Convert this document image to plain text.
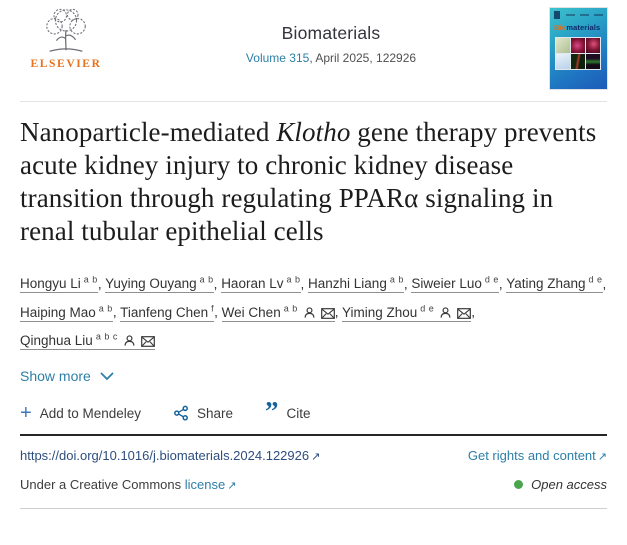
ELSEVIER
Biomaterials
Volume 315, April 2025, 122926
Biomaterials
Nanoparticle-mediated Klotho gene therapy prevents acute kidney injury to chronic kidney disease transition through regulating PPARα signaling in renal tubular epithelial cells
Hongyu Li $^{a b}$, Yuying Ouyang $^{a b}$, Haoran Lv $^{a b}$, Hanzhi Liang $^{a b}$, Siweier Luo $^{d e}$, Yating Zhang $^{d e}$, Haiping Mao $^{a b}$, Tianfeng Chen $^f$, Wei Chen $^{a b}$	, Yiming Zhou $^{d e}$	, Qinghua Liu $^{a b c}$
Show more
+ Add to Mendeley	Share ” Cite
https://doi.org/10.1016/j.biomaterials.2024.122926 ↗	Get rights and content ↗
Under a Creative Commons license ↗	Open access
